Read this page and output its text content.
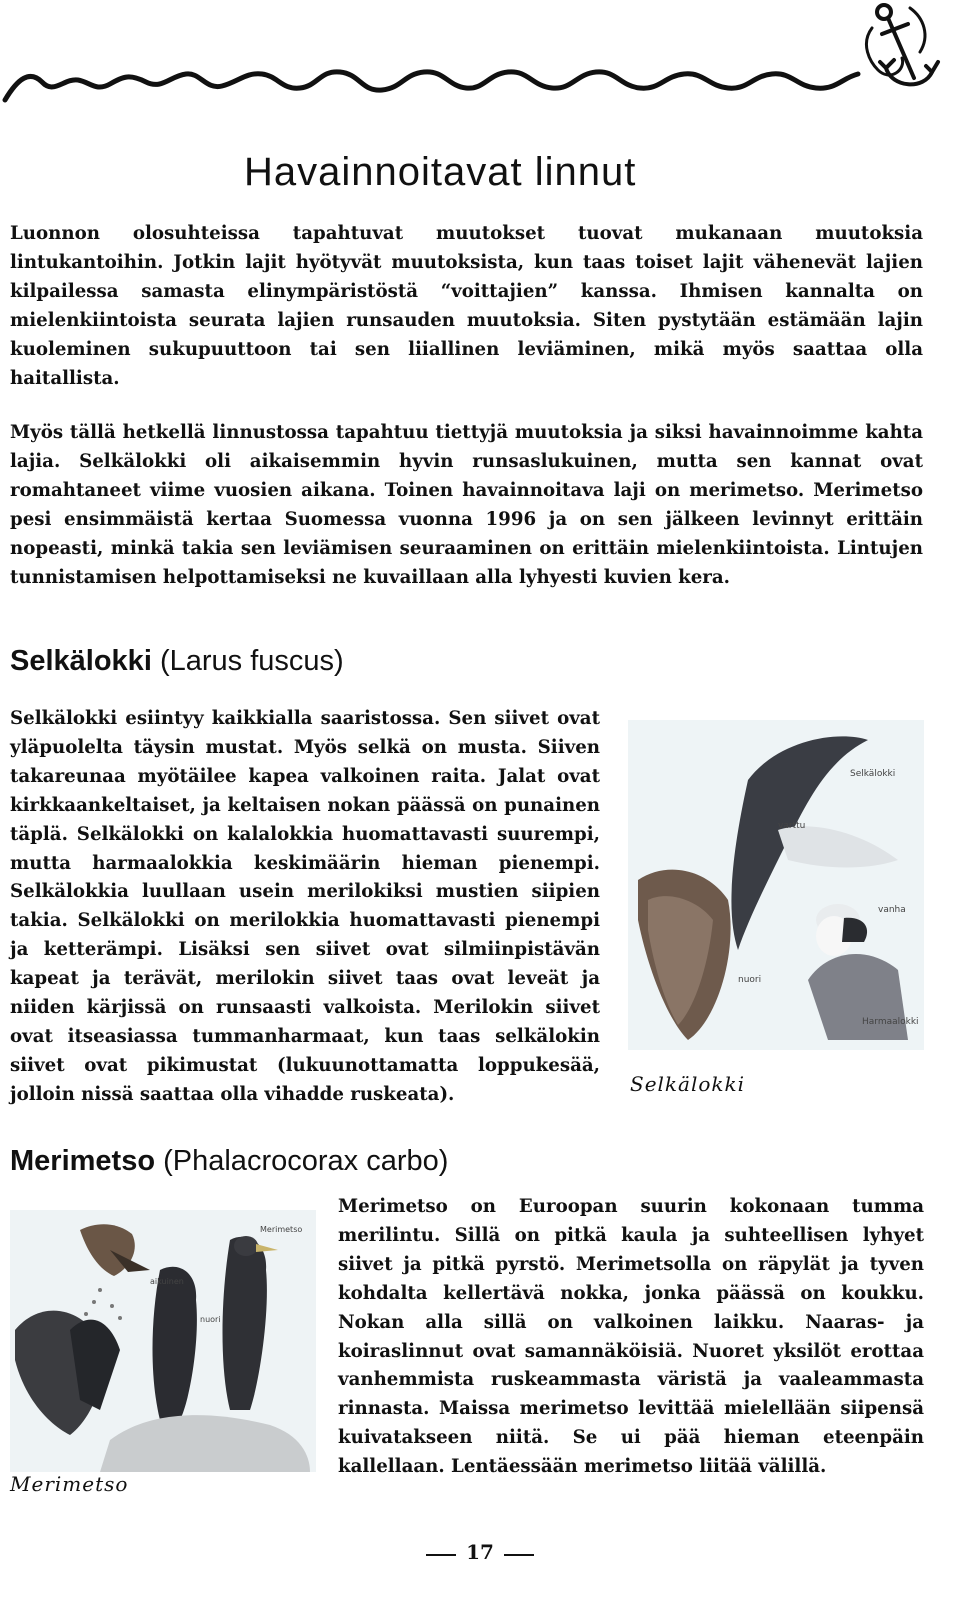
Havainnoitavat linnut

Luonnon olosuhteissa tapahtuvat muutokset tuovat mukanaan muutoksia lintukantoihin. Jotkin lajit hyötyvät muutoksista, kun taas toiset lajit vähenevät lajien kilpailessa samasta elinympäristöstä “voittajien” kanssa. Ihmisen kannalta on mielenkiintoista seurata lajien runsauden muutoksia. Siten pystytään estämään lajin kuoleminen sukupuuttoon tai sen liiallinen leviäminen, mikä myös saattaa olla haitallista.

Myös tällä hetkellä linnustossa tapahtuu tiettyjä muutoksia ja siksi havainnoimme kahta lajia. Selkälokki oli aikaisemmin hyvin runsaslukuinen, mutta sen kannat ovat romahtaneet viime vuosien aikana. Toinen havainnoitava laji on merimetso. Merimetso pesi ensimmäistä kertaa Suomessa vuonna 1996 ja on sen jälkeen levinnyt erittäin nopeasti, minkä takia sen leviämisen seuraaminen on erittäin mielenkiintoista. Lintujen tunnistamisen helpottamiseksi ne kuvaillaan alla lyhyesti kuvien kera.

Selkälokki (Larus fuscus)

Selkälokki esiintyy kaikkialla saaristossa. Sen siivet ovat yläpuolelta täysin mustat. Myös selkä on musta. Siiven takareunaa myötäilee kapea valkoinen raita. Jalat ovat kirkkaankeltaiset, ja keltaisen nokan päässä on punainen täplä. Selkälokki on kalalokkia huomattavasti suurempi, mutta harmaalokkia keskimäärin hieman pienempi. Selkälokkia luullaan usein merilokiksi mustien siipien takia. Selkälokki on merilokkia huomattavasti pienempi ja ketterämpi. Lisäksi sen siivet ovat silmiinpistävän kapeat ja terävät, merilokin siivet taas ovat leveät ja niiden kärjissä on runsaasti valkoista. Merilokin siivet ovat itseasiassa tummanharmaat, kun taas selkälokin siivet ovat pikimustat (lukuunottamatta loppukesää, jolloin nissä saattaa olla vihadde ruskeata).

Selkälokki
varttu
vanha
nuori
Harmaalokki
Selkälokki
Merimetso (Phalacrocorax carbo)
Merimetso
aikuinen
nuori
Merimetso

Merimetso on Euroopan suurin kokonaan tumma merilintu. Sillä on pitkä kaula ja suhteellisen lyhyet siivet ja pitkä pyrstö. Merimetsolla on räpylät ja tyven kohdalta kellertävä nokka, jonka päässä on koukku. Nokan alla sillä on valkoinen laikku. Naaras- ja koiraslinnut ovat samannäköisiä. Nuoret yksilöt erottaa vanhemmista ruskeammasta väristä ja vaaleammasta rinnasta. Maissa merimetso levittää mielellään siipensä kuivatakseen niitä. Se ui pää hieman eteenpäin kallellaan. Lentäessään merimetso liitää välillä.

17
